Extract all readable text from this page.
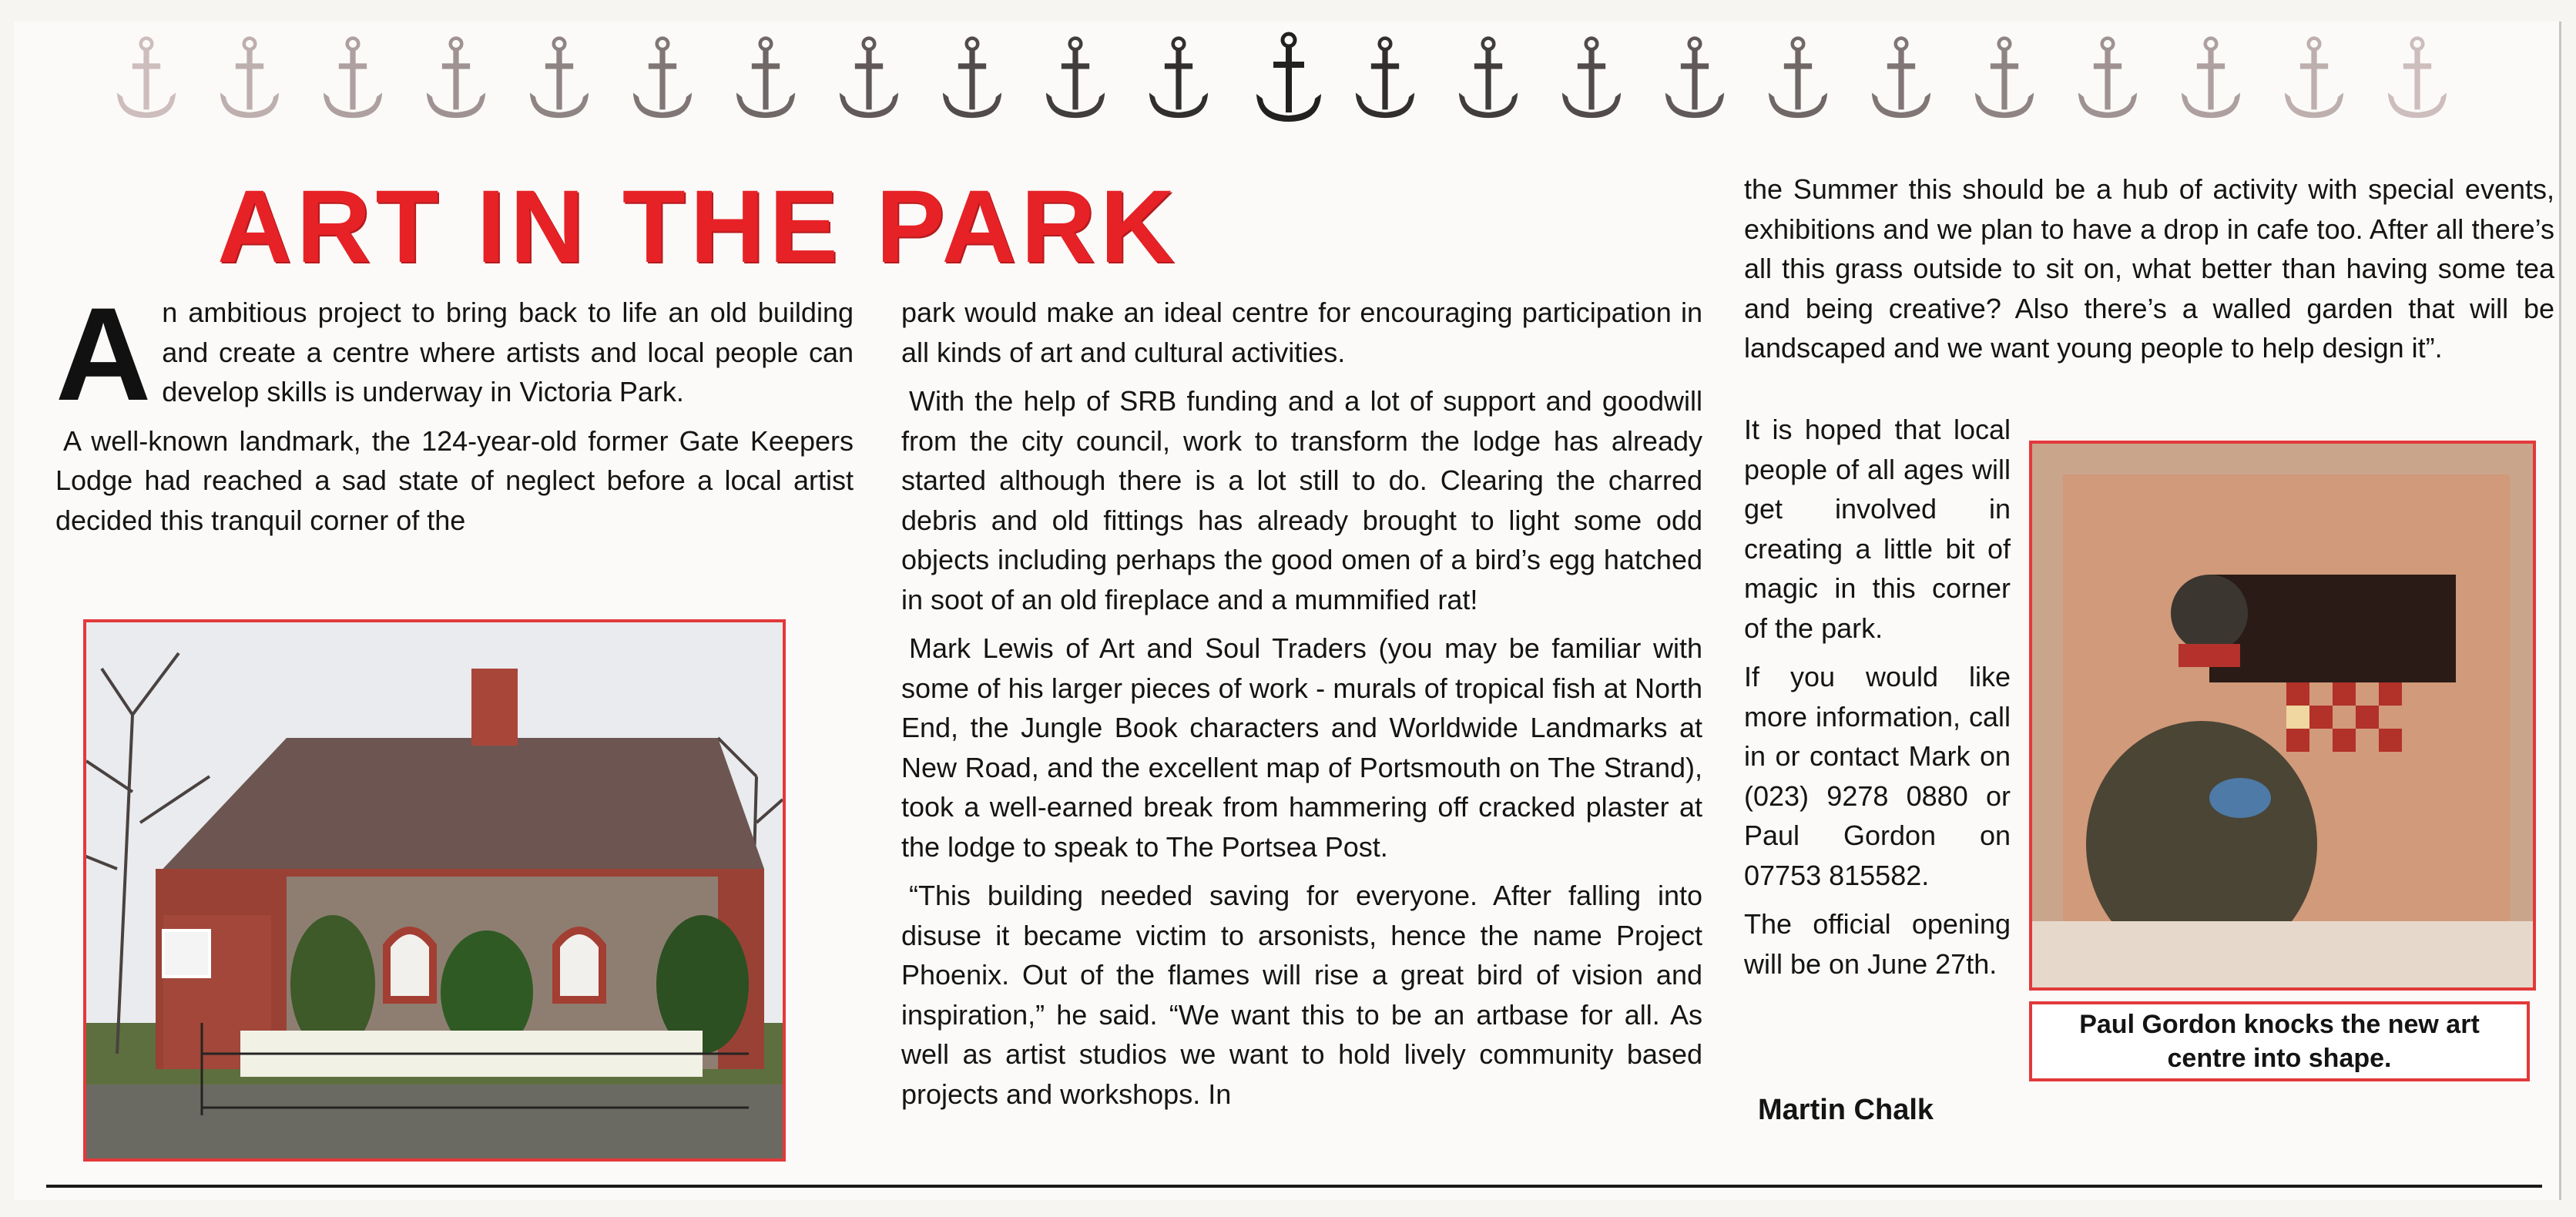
ART IN THE PARK

An ambitious project to bring back to life an old building and create a centre where artists and local people can develop skills is underway in Victoria Park.

A well-known landmark, the 124-year-old former Gate Keepers Lodge had reached a sad state of neglect before a local artist decided this tranquil corner of the

park would make an ideal centre for encouraging participation in all kinds of art and cultural activities.

With the help of SRB funding and a lot of support and goodwill from the city council, work to transform the lodge has already started although there is a lot still to do. Clearing the charred debris and old fittings has already brought to light some odd objects including perhaps the good omen of a bird’s egg hatched in soot of an old fireplace and a mummified rat!

Mark Lewis of Art and Soul Traders (you may be familiar with some of his larger pieces of work - murals of tropical fish at North End, the Jungle Book characters and Worldwide Landmarks at New Road, and the excellent map of Portsmouth on The Strand), took a well-earned break from hammering off cracked plaster at the lodge to speak to The Portsea Post.

“This building needed saving for everyone. After falling into disuse it became victim to arsonists, hence the name Project Phoenix. Out of the flames will rise a great bird of vision and inspiration,” he said. “We want this to be an artbase for all. As well as artist studios we want to hold lively community based projects and workshops. In

the Summer this should be a hub of activity with special events, exhibitions and we plan to have a drop in cafe too. After all there’s all this grass outside to sit on, what better than having some tea and being creative? Also there’s a walled garden that will be landscaped and we want young people to help design it”.

It is hoped that local people of all ages will get involved in creating a little bit of magic in this corner of the park.

If you would like more information, call in or contact Mark on (023) 9278 0880 or Paul Gordon on 07753 815582.

The official opening will be on June 27th.

Paul Gordon knocks the new art centre into shape.
Martin Chalk
